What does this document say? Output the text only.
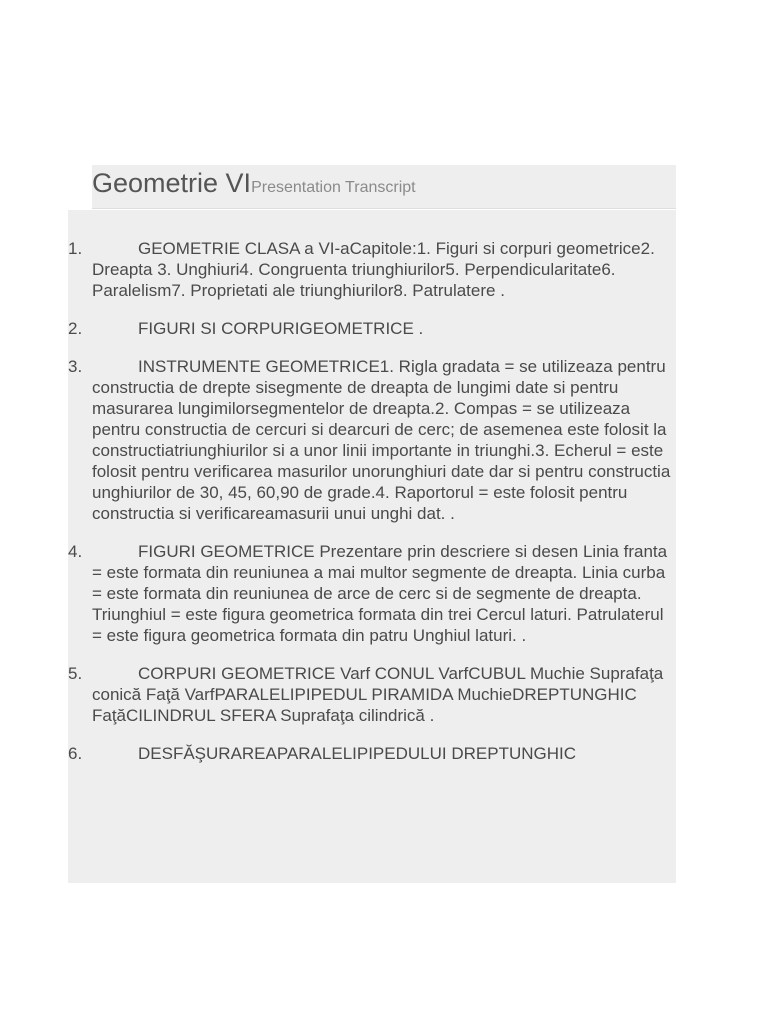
Geometrie VIPresentation Transcript
1.	GEOMETRIE CLASA a VI-aCapitole:1. Figuri si corpuri geometrice2. Dreapta 3. Unghiuri4. Congruenta triunghiurilor5. Perpendicularitate6. Paralelism7. Proprietati ale triunghiurilor8. Patrulatere .
2.	FIGURI SI CORPURIGEOMETRICE .
3.	INSTRUMENTE GEOMETRICE1. Rigla gradata = se utilizeaza pentru constructia de drepte sisegmente de dreapta de lungimi date si pentru masurarea lungimilorsegmentelor de dreapta.2. Compas = se utilizeaza pentru constructia de cercuri si dearcuri de cerc; de asemenea este folosit la constructiatriunghiurilor si a unor linii importante in triunghi.3. Echerul = este folosit pentru verificarea masurilor unorunghiuri date dar si pentru constructia unghiurilor de 30, 45, 60,90 de grade.4. Raportorul = este folosit pentru constructia si verificareamasurii unui unghi dat. .
4.	FIGURI GEOMETRICE Prezentare prin descriere si desen Linia franta = este formata din reuniunea a mai multor segmente de dreapta. Linia curba = este formata din reuniunea de arce de cerc si de segmente de dreapta. Triunghiul = este figura geometrica formata din trei Cercul laturi. Patrulaterul = este figura geometrica formata din patru Unghiul laturi. .
5.	CORPURI GEOMETRICE Varf CONUL VarfCUBUL Muchie Suprafaţa conică Faţă VarfPARALELIPIPEDUL PIRAMIDA MuchieDREPTUNGHIC FaţăCILINDRUL SFERA Suprafaţa cilindrică .
6.	DESFĂŞURAREAPARALELIPIPEDULUI DREPTUNGHIC
